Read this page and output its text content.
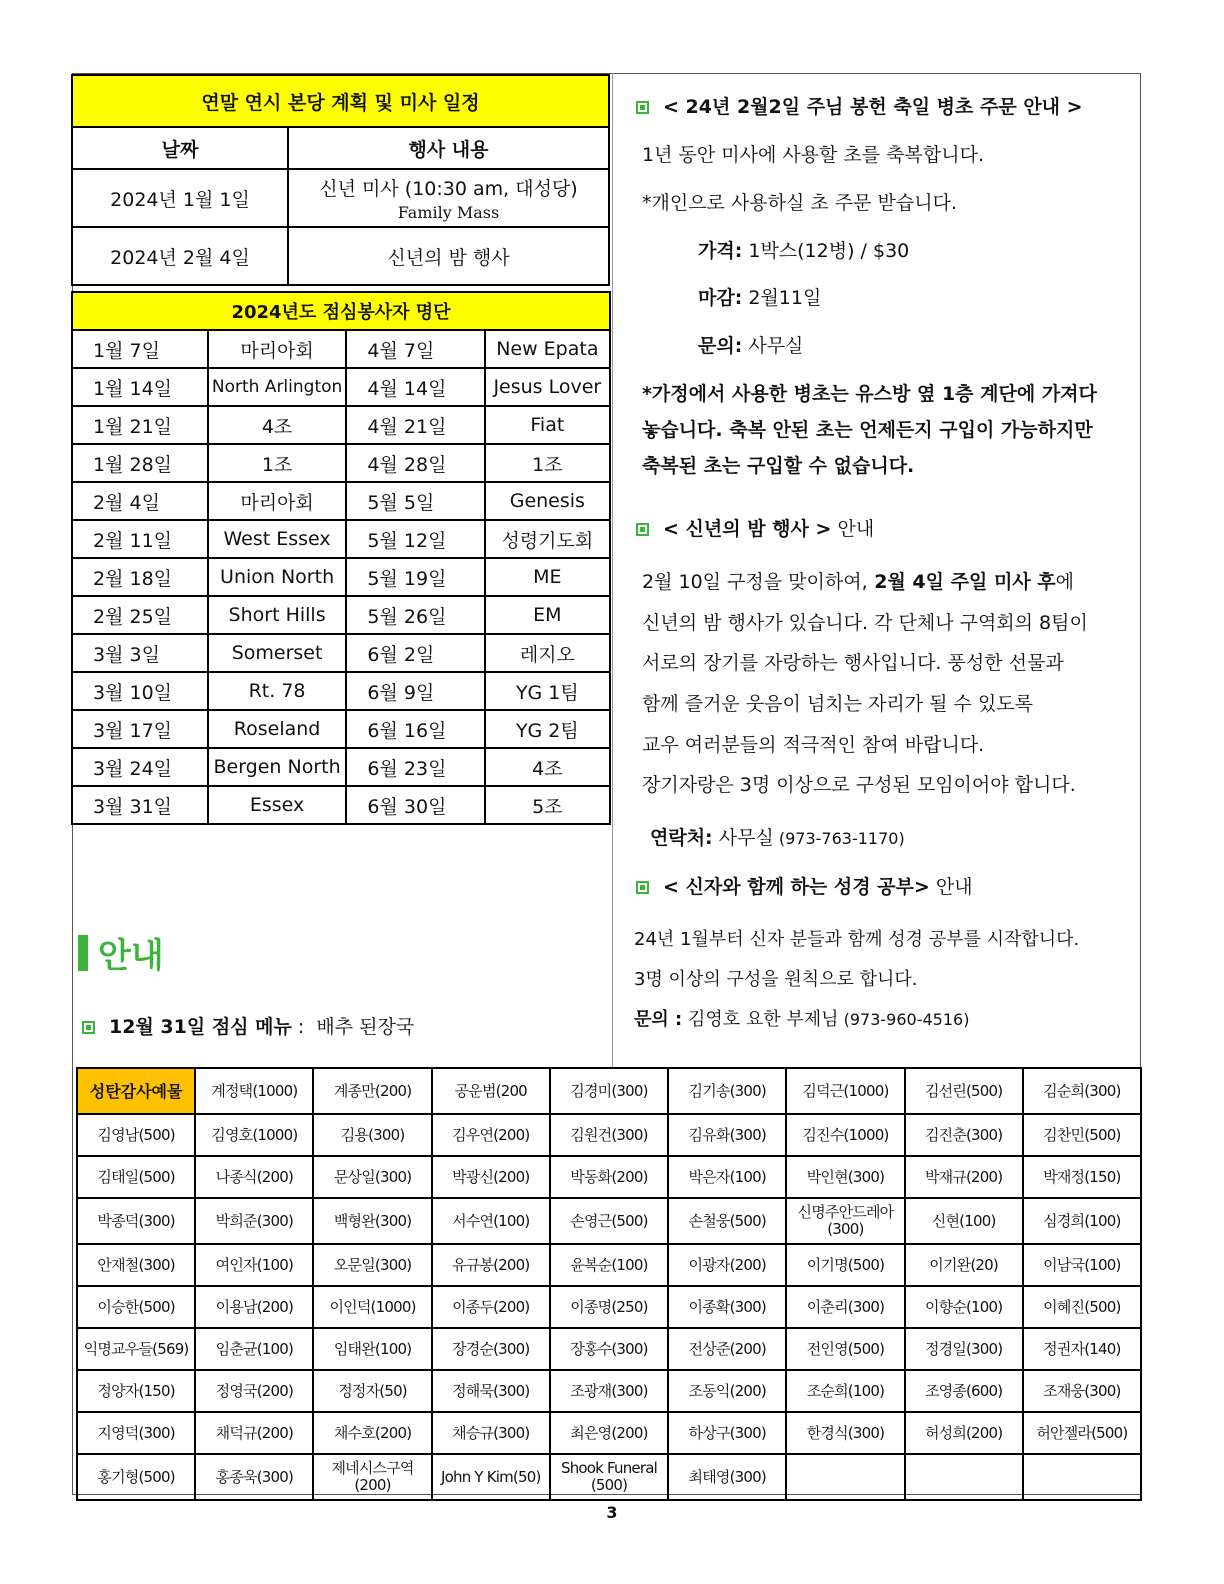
연말 연시 본당 계획 및 미사 일정	
날짜	행사 내용
2024년 1월 1일	신년 미사 (10:30 am, 대성당)
Family Mass

2024년 2월 4일	신년의 밤 행사
2024년도 점심봉사자 명단			
1월 7일	마리아회	4월 7일	New Epata
1월 14일	North Arlington	4월 14일	Jesus Lover
1월 21일	4조	4월 21일	Fiat
1월 28일	1조	4월 28일	1조
2월 4일	마리아회	5월 5일	Genesis
2월 11일	West Essex	5월 12일	성령기도회
2월 18일	Union North	5월 19일	ME
2월 25일	Short Hills	5월 26일	EM
3월 3일	Somerset	6월 2일	레지오
3월 10일	Rt. 78	6월 9일	YG 1팀
3월 17일	Roseland	6월 16일	YG 2팀
3월 24일	Bergen North	6월 23일	4조
3월 31일	Essex	6월 30일	5조
안내
12월 31일 점심 메뉴 :  배추 된장국
< 24년 2월2일 주님 봉헌 축일 병초 주문 안내 >
1년 동안 미사에 사용할 초를 축복합니다.
*개인으로 사용하실 초 주문 받습니다.
가격: 1박스(12병) / $30
마감: 2월11일
문의: 사무실
*가정에서 사용한 병초는 유스방 옆 1층 계단에 가져다
놓습니다. 축복 안된 초는 언제든지 구입이 가능하지만
축복된 초는 구입할 수 없습니다.
< 신년의 밤 행사 > 안내
2월 10일 구정을 맞이하여, 2월 4일 주일 미사 후에
신년의 밤 행사가 있습니다. 각 단체나 구역회의 8팀이
서로의 장기를 자랑하는 행사입니다. 풍성한 선물과
함께 즐거운 웃음이 넘치는 자리가 될 수 있도록
교우 여러분들의 적극적인 참여 바랍니다.
장기자랑은 3명 이상으로 구성된 모임이어야 합니다.
연락처: 사무실 (973-763-1170)
< 신자와 함께 하는 성경 공부> 안내
24년 1월부터 신자 분들과 함께 성경 공부를 시작합니다.
3명 이상의 구성을 원칙으로 합니다.
문의 : 김영호 요한 부제님 (973-960-4516)
성탄감사예물	계정택(1000)	계종만(200)	공운범(200	김경미(300)	김기송(300)	김덕근(1000)	김선린(500)	김순희(300)
김영남(500)	김영호(1000)	김용(300)	김우연(200)	김원건(300)	김유화(300)	김진수(1000)	김진춘(300)	김찬민(500)
김태일(500)	나종식(200)	문상일(300)	박광신(200)	박동화(200)	박은자(100)	박인현(300)	박재규(200)	박재정(150)
박종덕(300)	박희준(300)	백형완(300)	서수연(100)	손영근(500)	손철웅(500)	신명주안드레아(300)	신현(100)	심경희(100)
안재철(300)	여인자(100)	오문일(300)	유규봉(200)	윤복순(100)	이광자(200)	이기명(500)	이기완(20)	이남국(100)
이승한(500)	이용남(200)	이인덕(1000)	이종두(200)	이종명(250)	이종확(300)	이춘리(300)	이향순(100)	이혜진(500)
익명교우들(569)	임춘균(100)	임태완(100)	장경순(300)	장홍수(300)	전상준(200)	전인영(500)	정경일(300)	정권자(140)
정양자(150)	정영국(200)	정정자(50)	정해묵(300)	조광재(300)	조동익(200)	조순희(100)	조영종(600)	조재웅(300)
지영덕(300)	채덕규(200)	채수호(200)	채승규(300)	최은영(200)	하상구(300)	한경식(300)	허성희(200)	허안젤라(500)
홍기형(500)	홍종욱(300)	제네시스구역(200)	John Y Kim(50)	Shook Funeral (500)	최태영(300)			
3
